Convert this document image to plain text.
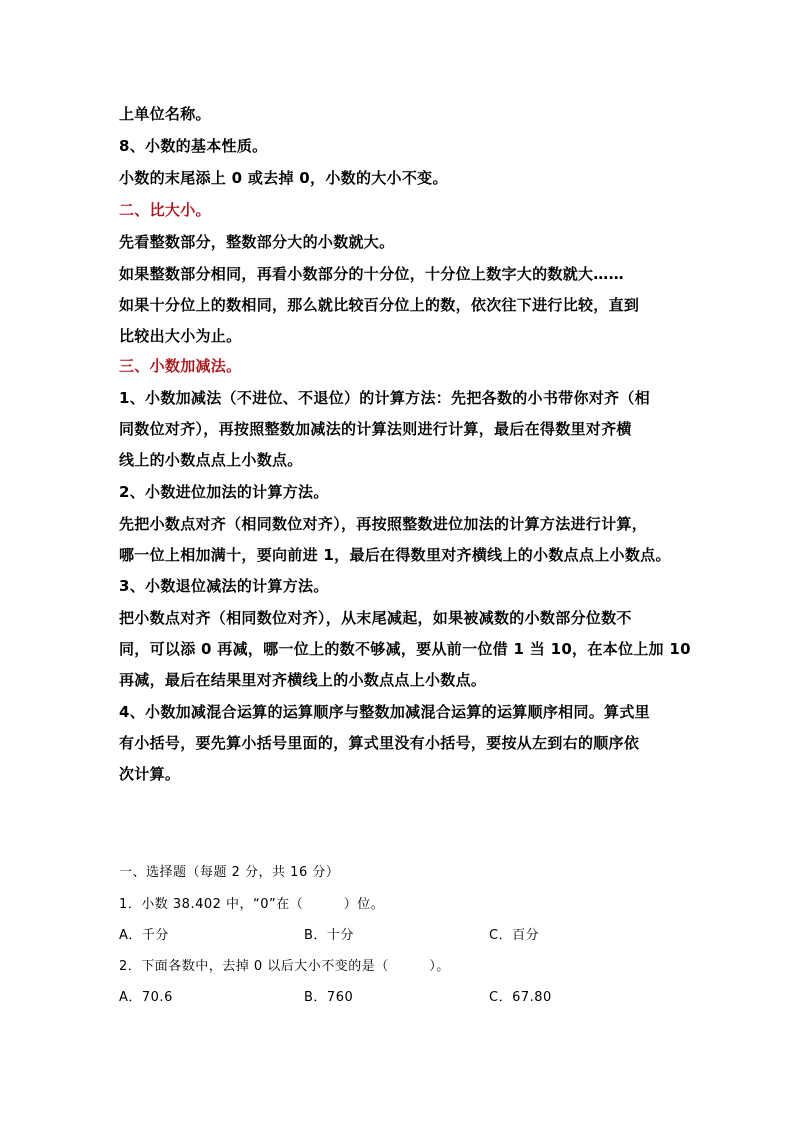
上单位名称。
8、小数的基本性质。
小数的末尾添上 0 或去掉 0，小数的大小不变。
二、比大小。
先看整数部分，整数部分大的小数就大。
如果整数部分相同，再看小数部分的十分位，十分位上数字大的数就大……
如果十分位上的数相同，那么就比较百分位上的数，依次往下进行比较，直到
比较出大小为止。
三、小数加减法。
1、小数加减法（不进位、不退位）的计算方法：先把各数的小书带你对齐（相
同数位对齐），再按照整数加减法的计算法则进行计算，最后在得数里对齐横
线上的小数点点上小数点。
2、小数进位加法的计算方法。
先把小数点对齐（相同数位对齐），再按照整数进位加法的计算方法进行计算，
哪一位上相加满十，要向前进 1，最后在得数里对齐横线上的小数点点上小数点。
3、小数退位减法的计算方法。
把小数点对齐（相同数位对齐），从末尾减起，如果被减数的小数部分位数不
同，可以添 0 再减，哪一位上的数不够减，要从前一位借 1 当 10，在本位上加 10
再减，最后在结果里对齐横线上的小数点点上小数点。
4、小数加减混合运算的运算顺序与整数加减混合运算的运算顺序相同。算式里
有小括号，要先算小括号里面的，算式里没有小括号，要按从左到右的顺序依
次计算。
一、选择题（每题 2 分，共 16 分）
1．小数 38.402 中，“0”在（　　　）位。
A．千分	B．十分	C．百分
2．下面各数中，去掉 0 以后大小不变的是（　　　）。
A．70.6	B．760	C．67.80
